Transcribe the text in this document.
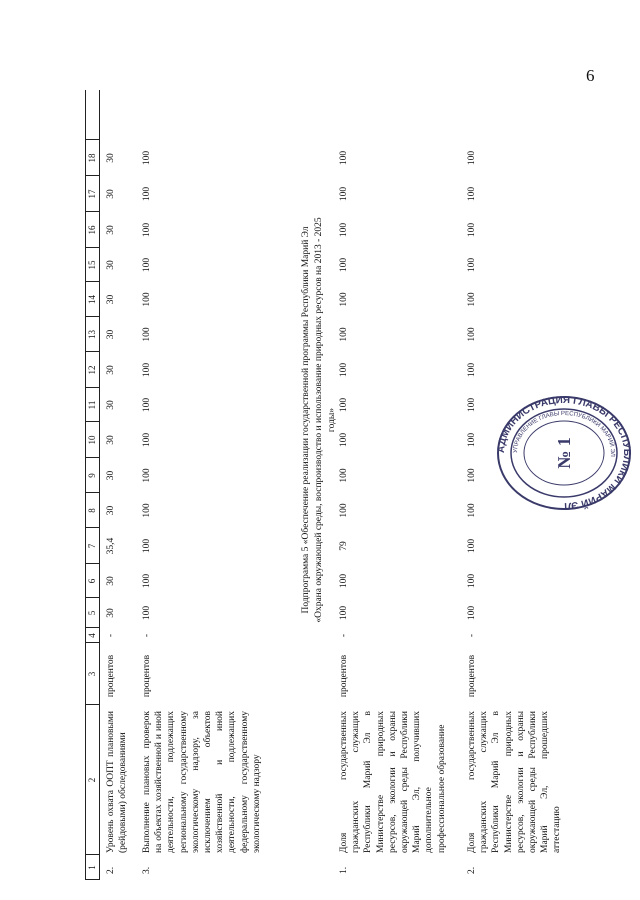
6
1
2
3
4
5
6
7
8
9
10
11
12
13
14
15
16
17
18
2.
Уровень охвата ООПТ плановыми (рейдовыми) обследованиями
процентов
-
30
30
35,4
30
30
30
30
30
30
30
30
30
30
30
3.
Выполнение плановых проверок на объектах хозяйственной и иной деятельности, подлежащих региональному государственному экологическому надзору, за исключением объектов хозяйственной и иной деятельности, подлежащих федеральному государственному экологическому надзору
процентов
-
100
100
100
100
100
100
100
100
100
100
100
100
100
100
Подпрограмма 5 «Обеспечение реализации государственной программы Республики Марий Эл «Охрана окружающей среды, воспроизводство и использование природных ресурсов на 2013 - 2025 годы»
1.
Доля государственных гражданских служащих Республики Марий Эл в Министерстве природных ресурсов, экологии и охраны окружающей среды Республики Марий Эл, получивших дополнительное профессиональное образование
процентов
-
100
100
79
100
100
100
100
100
100
100
100
100
100
100
2.
Доля государственных гражданских служащих Республики Марий Эл в Министерстве природных ресурсов, экологии и охраны окружающей среды Республики Марий Эл, прошедших аттестацию
процентов
-
100
100
100
100
100
100
100
100
100
100
100
100
100
100
АДМИНИСТРАЦИЯ ГЛАВЫ РЕСПУБЛИКИ МАРИЙ ЭЛ
УПРАВЛЕНИЕ ГЛАВЫ РЕСПУБЛИКИ МАРИЙ ЭЛ
№ 1
